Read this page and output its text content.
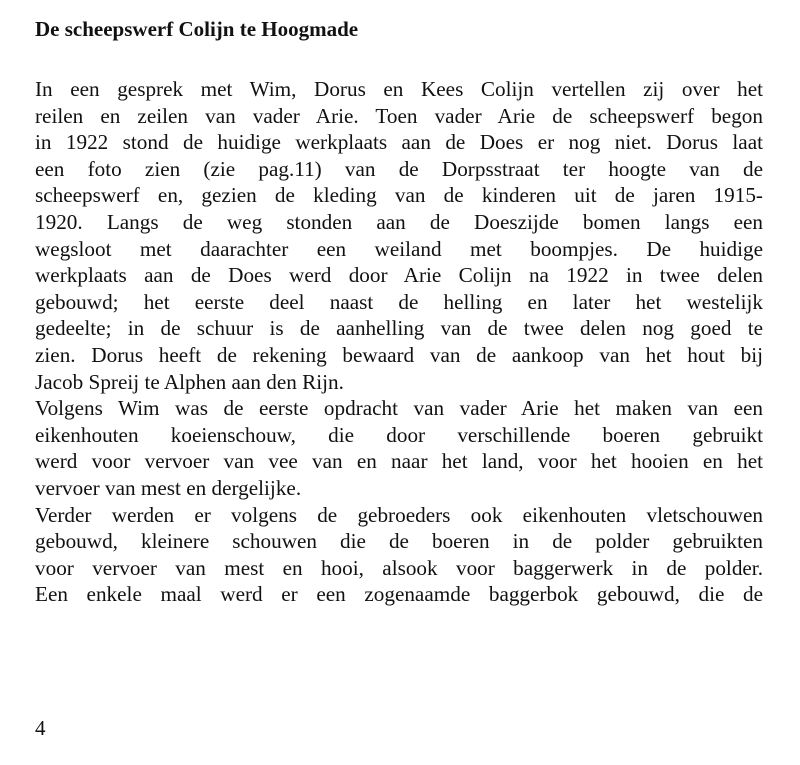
De scheepswerf Colijn te Hoogmade
In een gesprek met Wim, Dorus en Kees Colijn vertellen zij over het
reilen en zeilen van vader Arie. Toen vader Arie de scheepswerf begon
in 1922 stond de huidige werkplaats aan de Does er nog niet. Dorus laat
een foto zien (zie pag.11) van de Dorpsstraat ter hoogte van de
scheepswerf en, gezien de kleding van de kinderen uit de jaren 1915-
1920. Langs de weg stonden aan de Doeszijde bomen langs een
wegsloot met daarachter een weiland met boompjes. De huidige
werkplaats aan de Does werd door Arie Colijn na 1922 in twee delen
gebouwd; het eerste deel naast de helling en later het westelijk
gedeelte; in de schuur is de aanhelling van de twee delen nog goed te
zien. Dorus heeft de rekening bewaard van de aankoop van het hout bij
Jacob Spreij te Alphen aan den Rijn.
Volgens Wim was de eerste opdracht van vader Arie het maken van een
eikenhouten koeienschouw, die door verschillende boeren gebruikt
werd voor vervoer van vee van en naar het land, voor het hooien en het
vervoer van mest en dergelijke.
Verder werden er volgens de gebroeders ook eikenhouten vletschouwen
gebouwd, kleinere schouwen die de boeren in de polder gebruikten
voor vervoer van mest en hooi, alsook voor baggerwerk in de polder.
Een enkele maal werd er een zogenaamde baggerbok gebouwd, die de
4
